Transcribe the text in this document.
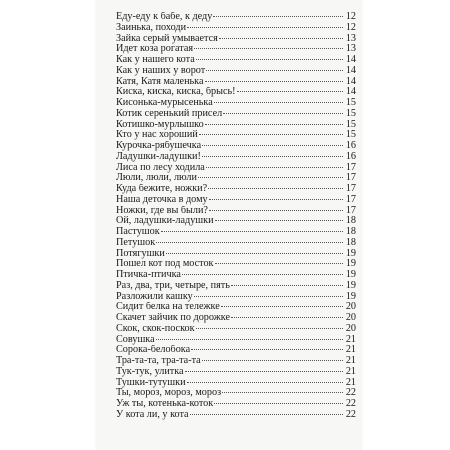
Еду-еду к бабе, к деду	12
Заинька, походи	12
Зайка серый умывается	13
Идет коза рогатая	13
Как у нашего кота	14
Как у наших у ворот	14
Катя, Катя маленька	14
Киска, киска, киска, брысь!	14
Кисонька-мурысенька	15
Котик серенький присел	15
Котишко-мурлышко	15
Кто у нас хороший	15
Курочка-рябушечка	16
Ладушки-ладушки!	16
Лиса по лесу ходила	17
Люли, люли, люли	17
Куда бежите, ножки?	17
Наша деточка в дому	17
Ножки, где вы были?	17
Ой, ладушки-ладушки	18
Пастушок	18
Петушок	18
Потягушки	19
Пошел кот под мосток	19
Птичка-птичка	19
Раз, два, три, четыре, пять	19
Разложили кашку	19
Сидит белка на тележке	20
Скачет зайчик по дорожке	20
Скок, скок-поскок	20
Совушка	21
Сорока-белобока	21
Тра-та-та, тра-та-та	21
Тук-тук, улитка	21
Тушки-тутушки	21
Ты, мороз, мороз, мороз	22
Уж ты, котенька-коток	22
У кота ли, у кота	22
